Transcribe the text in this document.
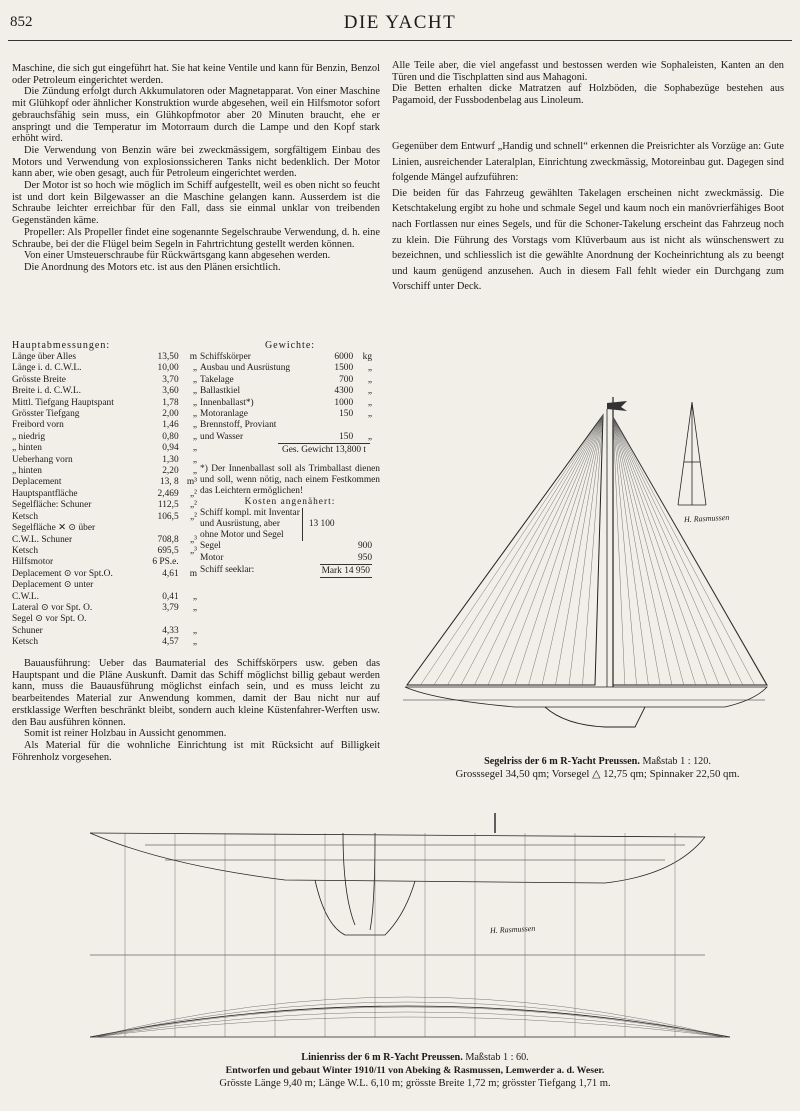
852	DIE YACHT

Maschine, die sich gut eingeführt hat. Sie hat keine Ventile und kann für Benzin, Benzol oder Petroleum eingerichtet werden.

Die Zündung erfolgt durch Akkumulatoren oder Magnetapparat. Von einer Maschine mit Glühkopf oder ähnlicher Konstruktion wurde abgesehen, weil ein Hilfsmotor sofort gebrauchsfähig sein muss, ein Glühkopfmotor aber 20 Minuten braucht, ehe er anspringt und die Temperatur im Motorraum durch die Lampe und den Kopf stark erhöht wird.

Die Verwendung von Benzin wäre bei zweckmässigem, sorgfältigem Einbau des Motors und Verwendung von explosionssicheren Tanks nicht bedenklich. Der Motor kann aber, wie oben gesagt, auch für Petroleum eingerichtet werden.

Der Motor ist so hoch wie möglich im Schiff aufgestellt, weil es oben nicht so feucht ist und dort kein Bilgewasser an die Maschine gelangen kann. Ausserdem ist die Schraube leichter erreichbar für den Fall, dass sie einmal unklar von treibenden Gegenständen käme.

Propeller: Als Propeller findet eine sogenannte Segelschraube Verwendung, d. h. eine Schraube, bei der die Flügel beim Segeln in Fahrtrichtung gestellt werden können.

Von einer Umsteuerschraube für Rückwärtsgang kann abgesehen werden.

Die Anordnung des Motors etc. ist aus den Plänen ersichtlich.

Hauptabmessungen:
Länge über Alles	13,50	m
Länge i. d. C.W.L.	10,00	„
Grösste Breite	3,70	„
Breite i. d. C.W.L.	3,60	„
Mittl. Tiefgang Hauptspant	1,78	„
Grösster Tiefgang	2,00	„
Freibord vorn	1,46	„
„ niedrig	0,80	„
„ hinten	0,94	„
Ueberhang vorn	1,30	„
„ hinten	2,20	„
Deplacement	13, 8	m³
Hauptspantfläche	2,469	„²
Segelfläche: Schuner	112,5	„²
Ketsch	106,5	„²
Segelfläche ✕ ⊙ über		
C.W.L. Schuner	708,8	„³
Ketsch	695,5	„³
Hilfsmotor	6 PS.e.	
Deplacement ⊙ vor Spt.O.	4,61	m
Deplacement ⊙ unter		
C.W.L.	0,41	„
Lateral ⊙ vor Spt. O.	3,79	„
Segel ⊙ vor Spt. O.		
Schuner	4,33	„
Ketsch	4,57	„
Gewichte:
Schiffskörper	6000	kg
Ausbau und Ausrüstung	1500	„
Takelage	700	„
Ballastkiel	4300	„
Innenballast*)	1000	„
Motoranlage	150	„
Brennstoff, Proviant		
und Wasser	150	„
Ges. Gewicht 13,800 t
*) Der Innenballast soll als Trimballast dienen und soll, wenn nötig, nach einem Festkommen das Leichtern ermöglichen!
Kosten angenähert:
Schiff kompl. mit Inventar
und Ausrüstung, aber
ohne Motor und Segel
13 100
Segel	900
Motor	950
Schiff seeklar:	Mark 14 950

Bauausführung: Ueber das Baumaterial des Schiffskörpers usw. geben das Hauptspant und die Pläne Auskunft. Damit das Schiff möglichst billig gebaut werden kann, muss die Bauausführung möglichst einfach sein, und es muss leicht zu bearbeitendes Material zur Anwendung kommen, damit der Bau nicht nur auf erstklassige Werften beschränkt bleibt, sondern auch kleine Küstenfahrer-Werften usw. den Bau ausführen können.

Somit ist reiner Holzbau in Aussicht genommen.

Als Material für die wohnliche Einrichtung ist mit Rücksicht auf Billigkeit Föhrenholz vorgesehen.

Alle Teile aber, die viel angefasst und bestossen werden wie Sophaleisten, Kanten an den Türen und die Tischplatten sind aus Mahagoni.

Die Betten erhalten dicke Matratzen auf Holzböden, die Sophabezüge bestehen aus Pagamoid, der Fussbodenbelag aus Linoleum.

Gegenüber dem Entwurf „Handig und schnell“ erkennen die Preisrichter als Vorzüge an: Gute Linien, ausreichender Lateralplan, Einrichtung zweckmässig, Motoreinbau gut. Dagegen sind folgende Mängel aufzuführen:

Die beiden für das Fahrzeug gewählten Takelagen erscheinen nicht zweckmässig. Die Ketschtakelung ergibt zu hohe und schmale Segel und kaum noch ein manövrierfähiges Boot nach Fortlassen nur eines Segels, und für die Schoner-Takelung erscheint das Fahrzeug noch zu klein. Die Führung des Vorstags vom Klüverbaum aus ist nicht als wünschenswert zu bezeichnen, und schliesslich ist die gewählte Anordnung der Kocheinrichtung als zu beengt und kaum genügend anzusehen. Auch in diesem Fall fehlt wieder ein Durchgang zum Vorschiff unter Deck.

H. Rasmussen
Segelriss der 6 m R-Yacht Preussen. Maßstab 1 : 120.
Grosssegel 34,50 qm; Vorsegel △ 12,75 qm; Spinnaker 22,50 qm.
H. Rasmussen
Linienriss der 6 m R-Yacht Preussen. Maßstab 1 : 60.
Entworfen und gebaut Winter 1910/11 von Abeking & Rasmussen, Lemwerder a. d. Weser.
Grösste Länge 9,40 m; Länge W.L. 6,10 m; grösste Breite 1,72 m; grösster Tiefgang 1,71 m.
